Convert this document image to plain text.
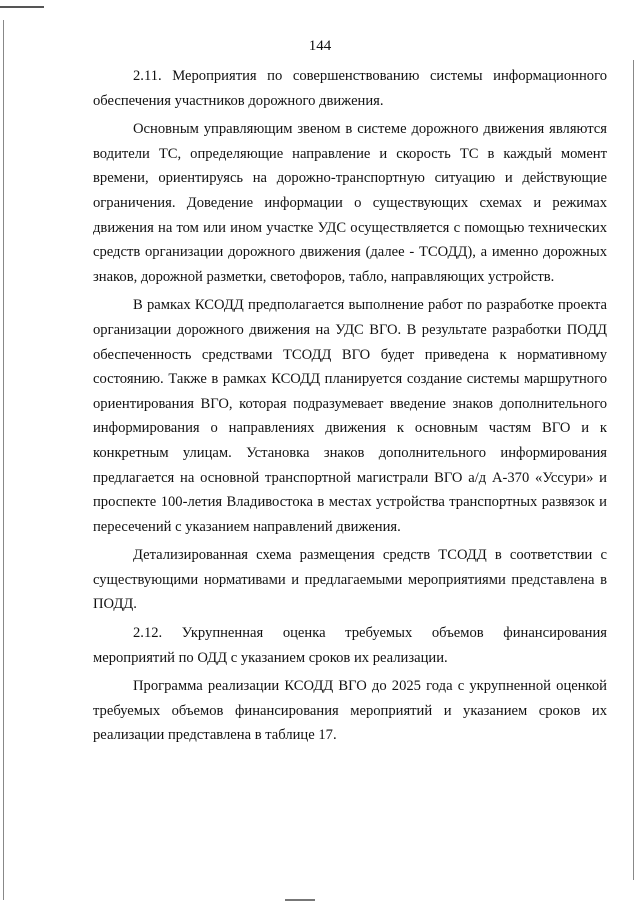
144

2.11. Мероприятия по совершенствованию системы информационного обеспечения участников дорожного движения.

Основным управляющим звеном в системе дорожного движения являются водители ТС, определяющие направление и скорость ТС в каждый момент времени, ориентируясь на дорожно-транспортную ситуацию и действующие ограничения. Доведение информации о существующих схемах и режимах движения на том или ином участке УДС осуществляется с помощью технических средств организации дорожного движения (далее - ТСОДД), а именно дорожных знаков, дорожной разметки, светофоров, табло, направляющих устройств.

В рамках КСОДД предполагается выполнение работ по разработке проекта организации дорожного движения на УДС ВГО. В результате разработки ПОДД обеспеченность средствами ТСОДД ВГО будет приведена к нормативному состоянию. Также в рамках КСОДД планируется создание системы маршрутного ориентирования ВГО, которая подразумевает введение знаков дополнительного информирования о направлениях движения к основным частям ВГО и к конкретным улицам. Установка знаков дополнительного информирования предлагается на основной транспортной магистрали ВГО а/д А-370 «Уссури» и проспекте 100-летия Владивостока в местах устройства транспортных развязок и пересечений с указанием направлений движения.

Детализированная схема размещения средств ТСОДД в соответствии с существующими нормативами и предлагаемыми мероприятиями представлена в ПОДД.

2.12. Укрупненная оценка требуемых объемов финансирования мероприятий по ОДД с указанием сроков их реализации.

Программа реализации КСОДД ВГО до 2025 года с укрупненной оценкой требуемых объемов финансирования мероприятий и указанием сроков их реализации представлена в таблице 17.
